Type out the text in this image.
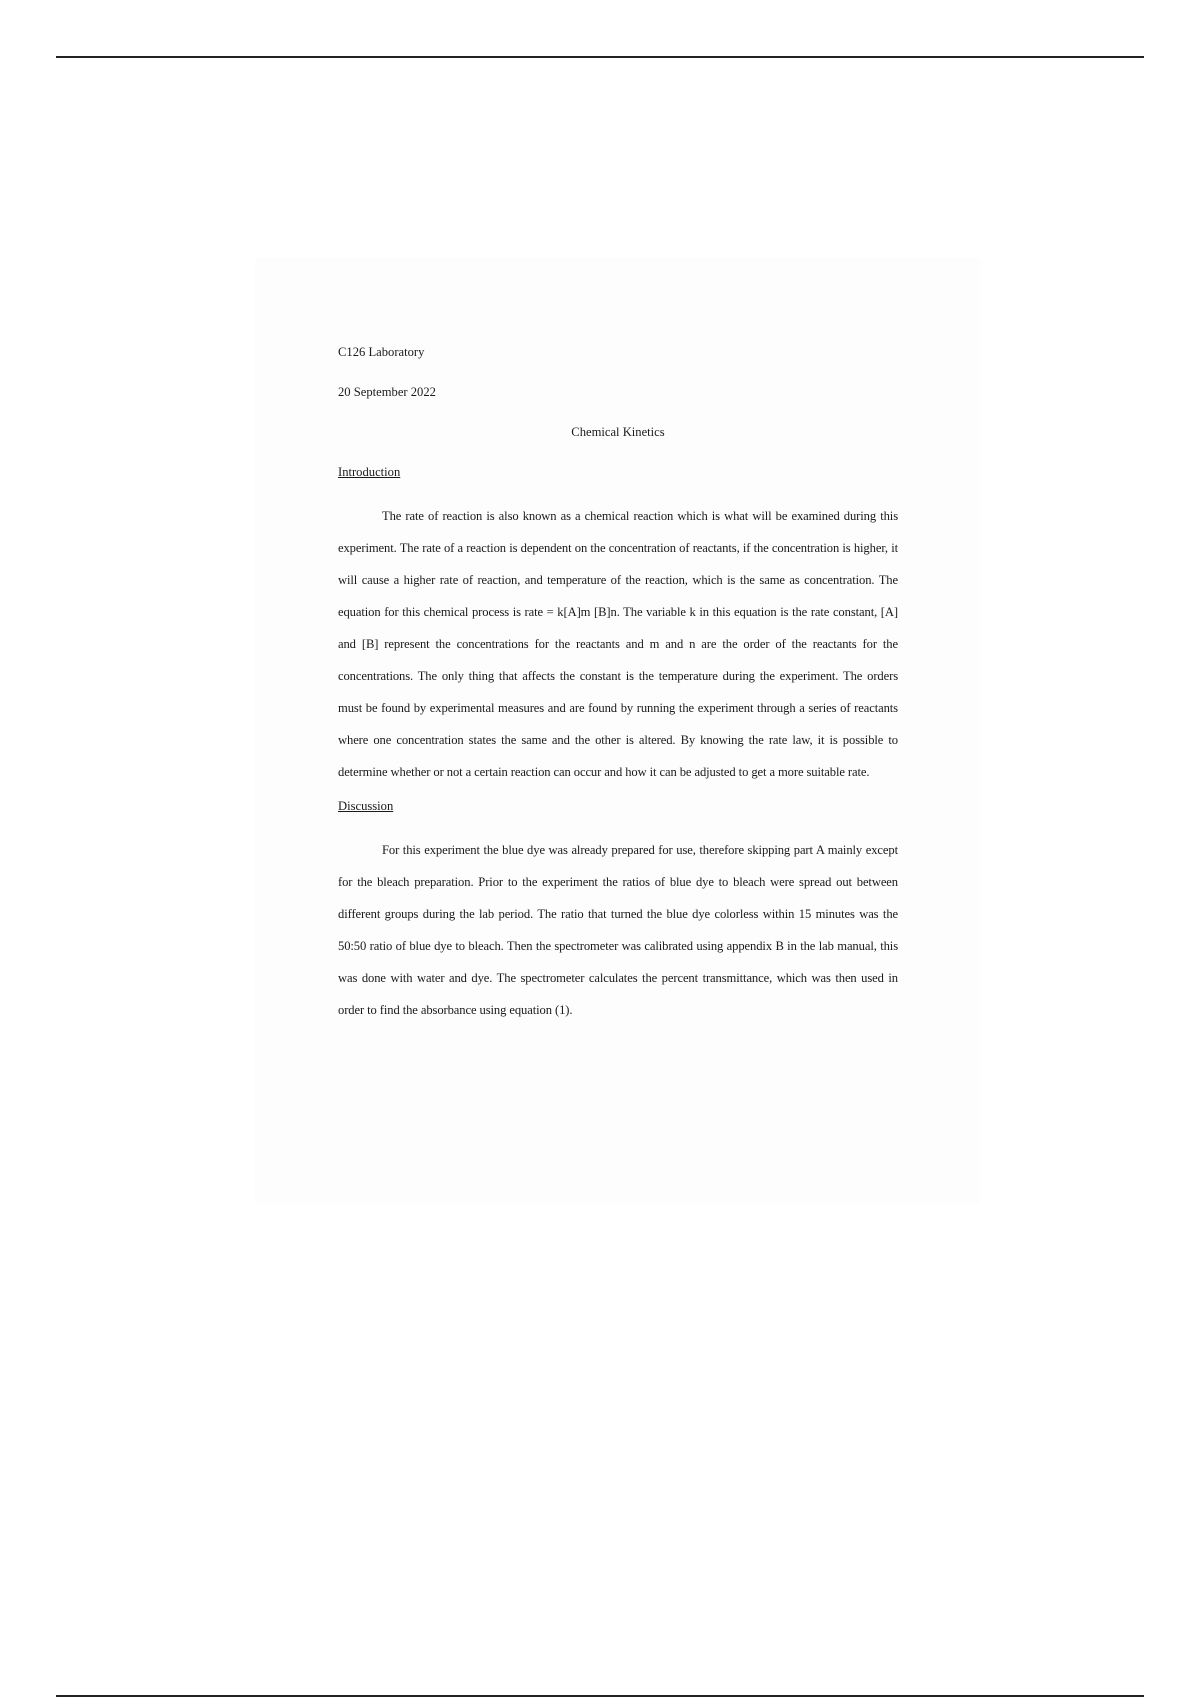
C126 Laboratory

20 September 2022

Chemical Kinetics

Introduction

The rate of reaction is also known as a chemical reaction which is what will be examined during this experiment. The rate of a reaction is dependent on the concentration of reactants, if the concentration is higher, it will cause a higher rate of reaction, and temperature of the reaction, which is the same as concentration. The equation for this chemical process is rate = k[A]m [B]n. The variable k in this equation is the rate constant, [A] and [B] represent the concentrations for the reactants and m and n are the order of the reactants for the concentrations. The only thing that affects the constant is the temperature during the experiment. The orders must be found by experimental measures and are found by running the experiment through a series of reactants where one concentration states the same and the other is altered. By knowing the rate law, it is possible to determine whether or not a certain reaction can occur and how it can be adjusted to get a more suitable rate.

Discussion

For this experiment the blue dye was already prepared for use, therefore skipping part A mainly except for the bleach preparation. Prior to the experiment the ratios of blue dye to bleach were spread out between different groups during the lab period. The ratio that turned the blue dye colorless within 15 minutes was the 50:50 ratio of blue dye to bleach. Then the spectrometer was calibrated using appendix B in the lab manual, this was done with water and dye. The spectrometer calculates the percent transmittance, which was then used in order to find the absorbance using equation (1).
